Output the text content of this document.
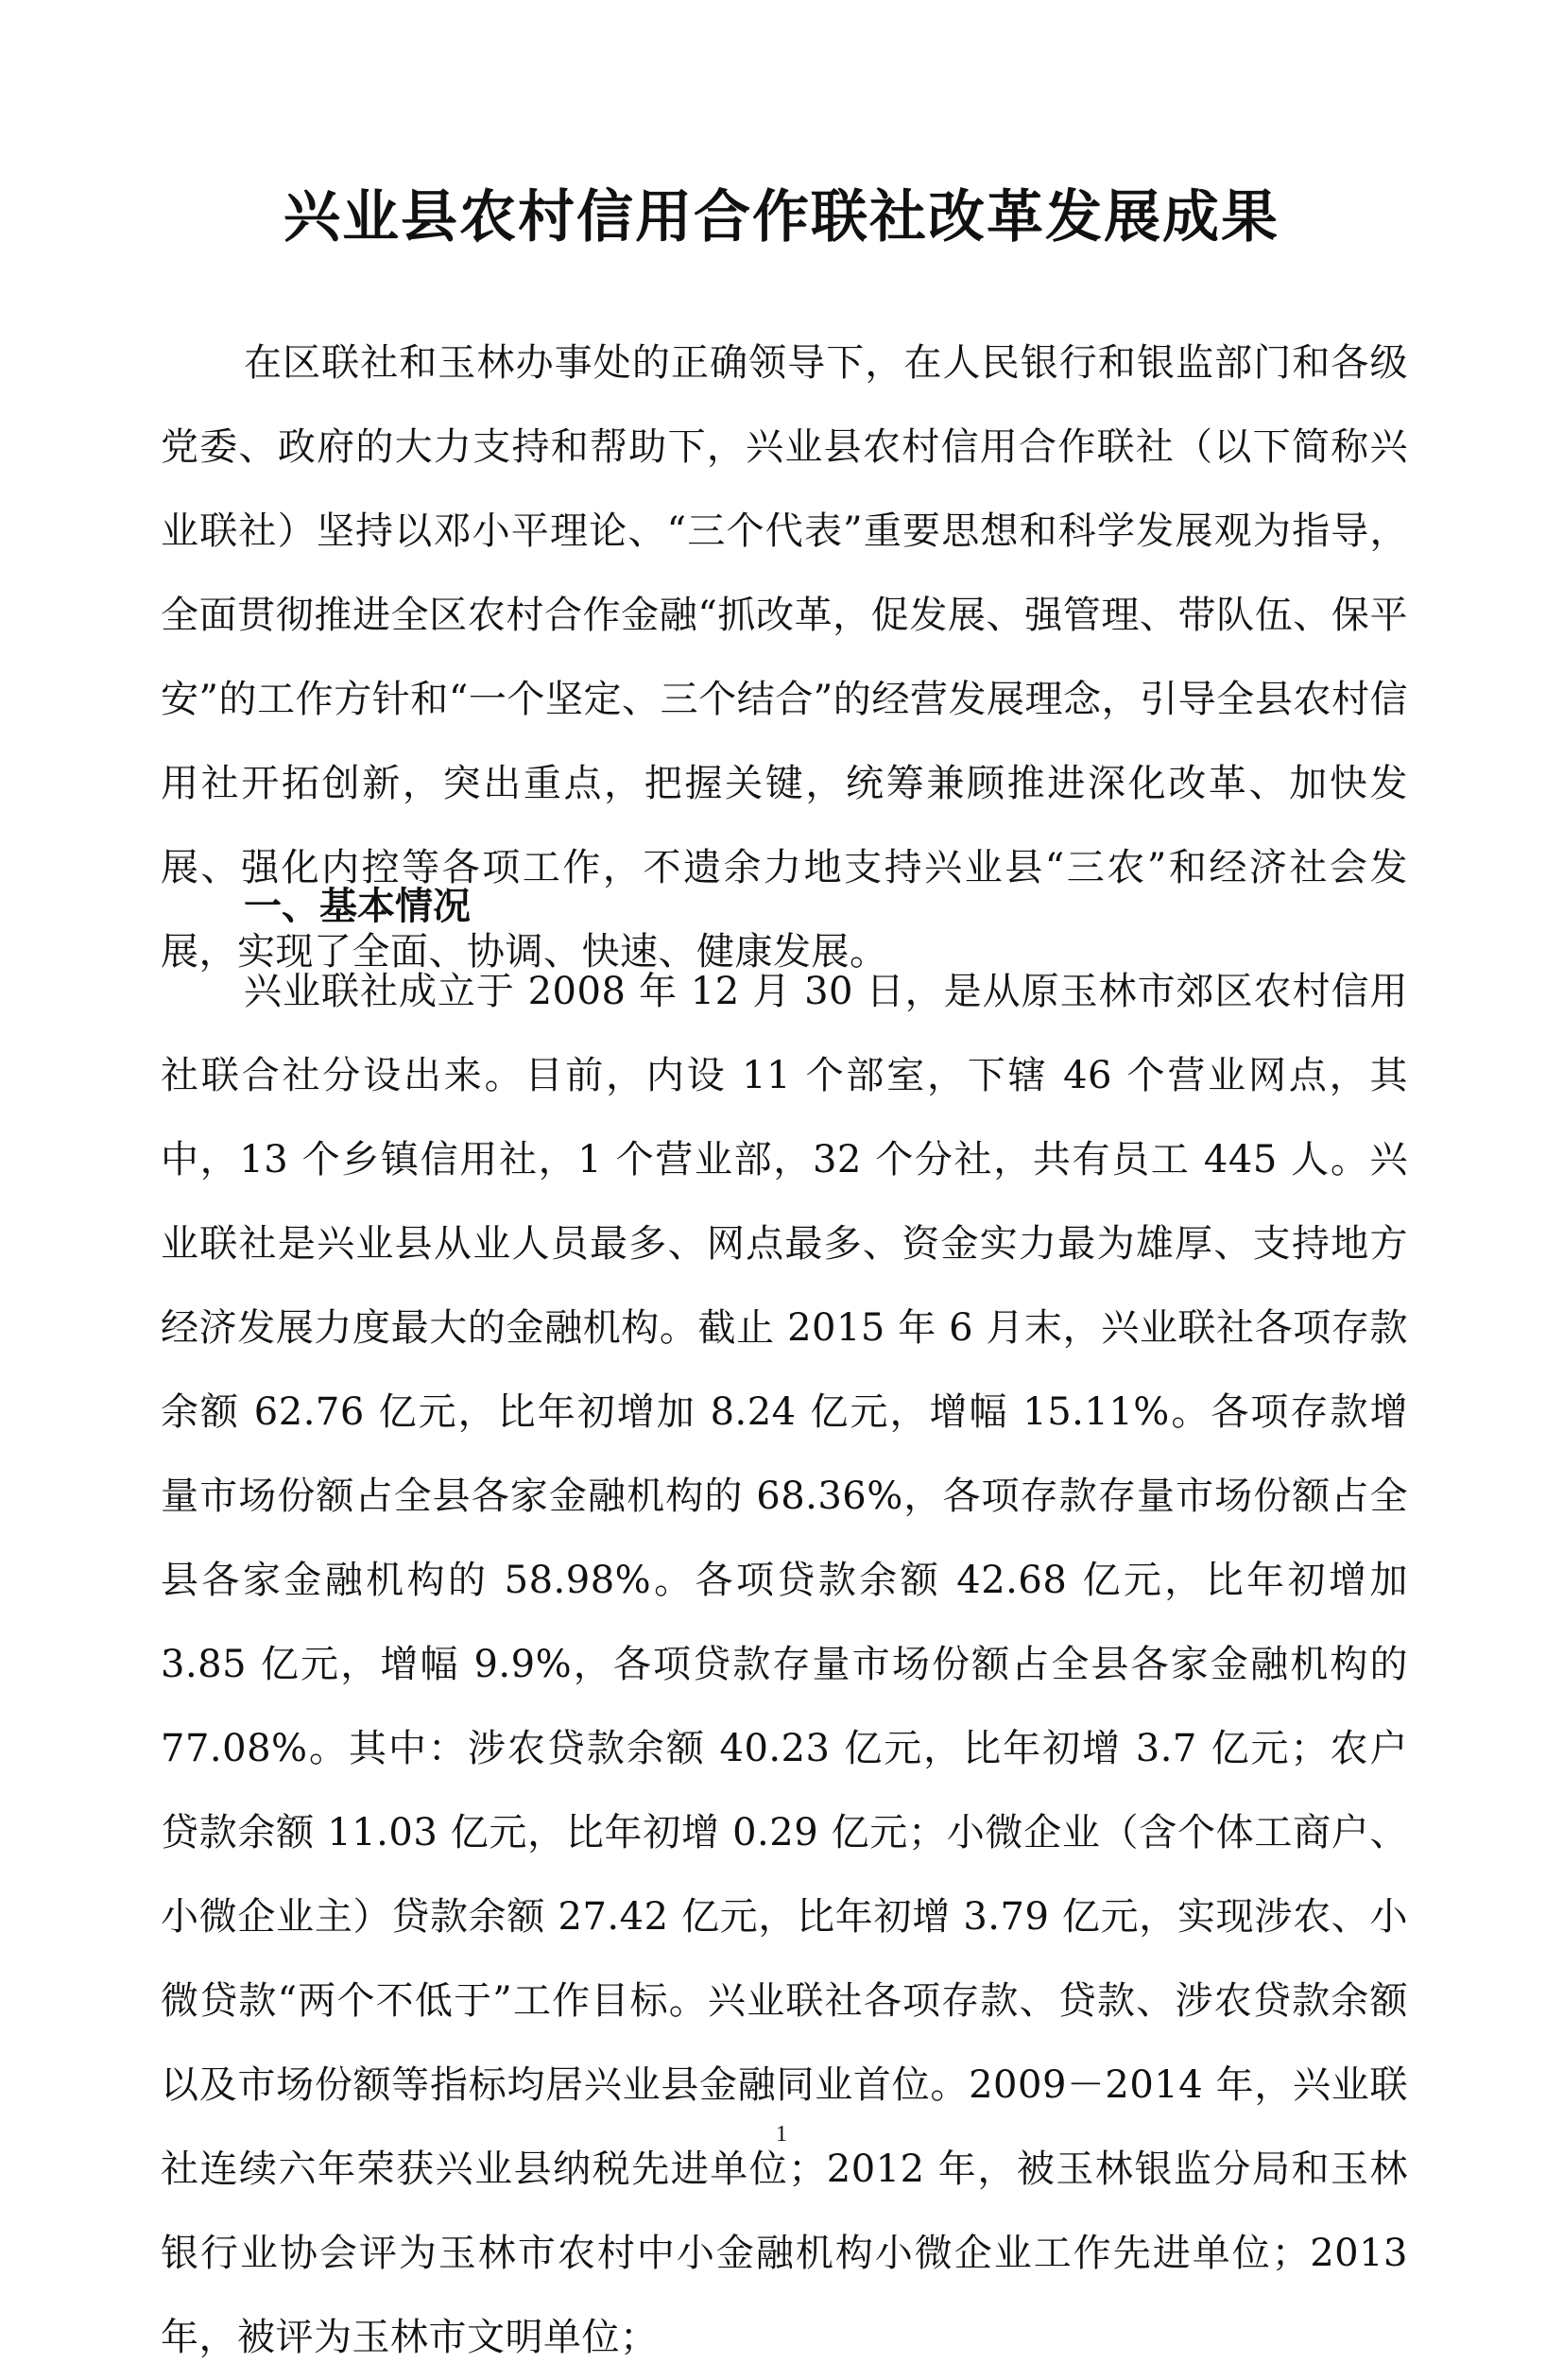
兴业县农村信用合作联社改革发展成果

在区联社和玉林办事处的正确领导下，在人民银行和银监部门和各级党委、政府的大力支持和帮助下，兴业县农村信用合作联社（以下简称兴业联社）坚持以邓小平理论、“三个代表”重要思想和科学发展观为指导，全面贯彻推进全区农村合作金融“抓改革，促发展、强管理、带队伍、保平安”的工作方针和“一个坚定、三个结合”的经营发展理念，引导全县农村信用社开拓创新，突出重点，把握关键，统筹兼顾推进深化改革、加快发展、强化内控等各项工作，不遗余力地支持兴业县“三农”和经济社会发展，实现了全面、协调、快速、健康发展。

一、基本情况

兴业联社成立于 2008 年 12 月 30 日，是从原玉林市郊区农村信用社联合社分设出来。目前，内设 11 个部室，下辖 46 个营业网点，其中，13 个乡镇信用社，1 个营业部，32 个分社，共有员工 445 人。兴业联社是兴业县从业人员最多、网点最多、资金实力最为雄厚、支持地方经济发展力度最大的金融机构。截止 2015 年 6 月末，兴业联社各项存款余额 62.76 亿元，比年初增加 8.24 亿元，增幅 15.11%。各项存款增量市场份额占全县各家金融机构的 68.36%，各项存款存量市场份额占全县各家金融机构的 58.98%。各项贷款余额 42.68 亿元，比年初增加 3.85 亿元，增幅 9.9%，各项贷款存量市场份额占全县各家金融机构的 77.08%。其中：涉农贷款余额 40.23 亿元，比年初增 3.7 亿元；农户贷款余额 11.03 亿元，比年初增 0.29 亿元；小微企业（含个体工商户、小微企业主）贷款余额 27.42 亿元，比年初增 3.79 亿元，实现涉农、小微贷款“两个不低于”工作目标。兴业联社各项存款、贷款、涉农贷款余额以及市场份额等指标均居兴业县金融同业首位。2009－2014 年，兴业联社连续六年荣获兴业县纳税先进单位；2012 年，被玉林银监分局和玉林银行业协会评为玉林市农村中小金融机构小微企业工作先进单位；2013 年，被评为玉林市文明单位；

1
